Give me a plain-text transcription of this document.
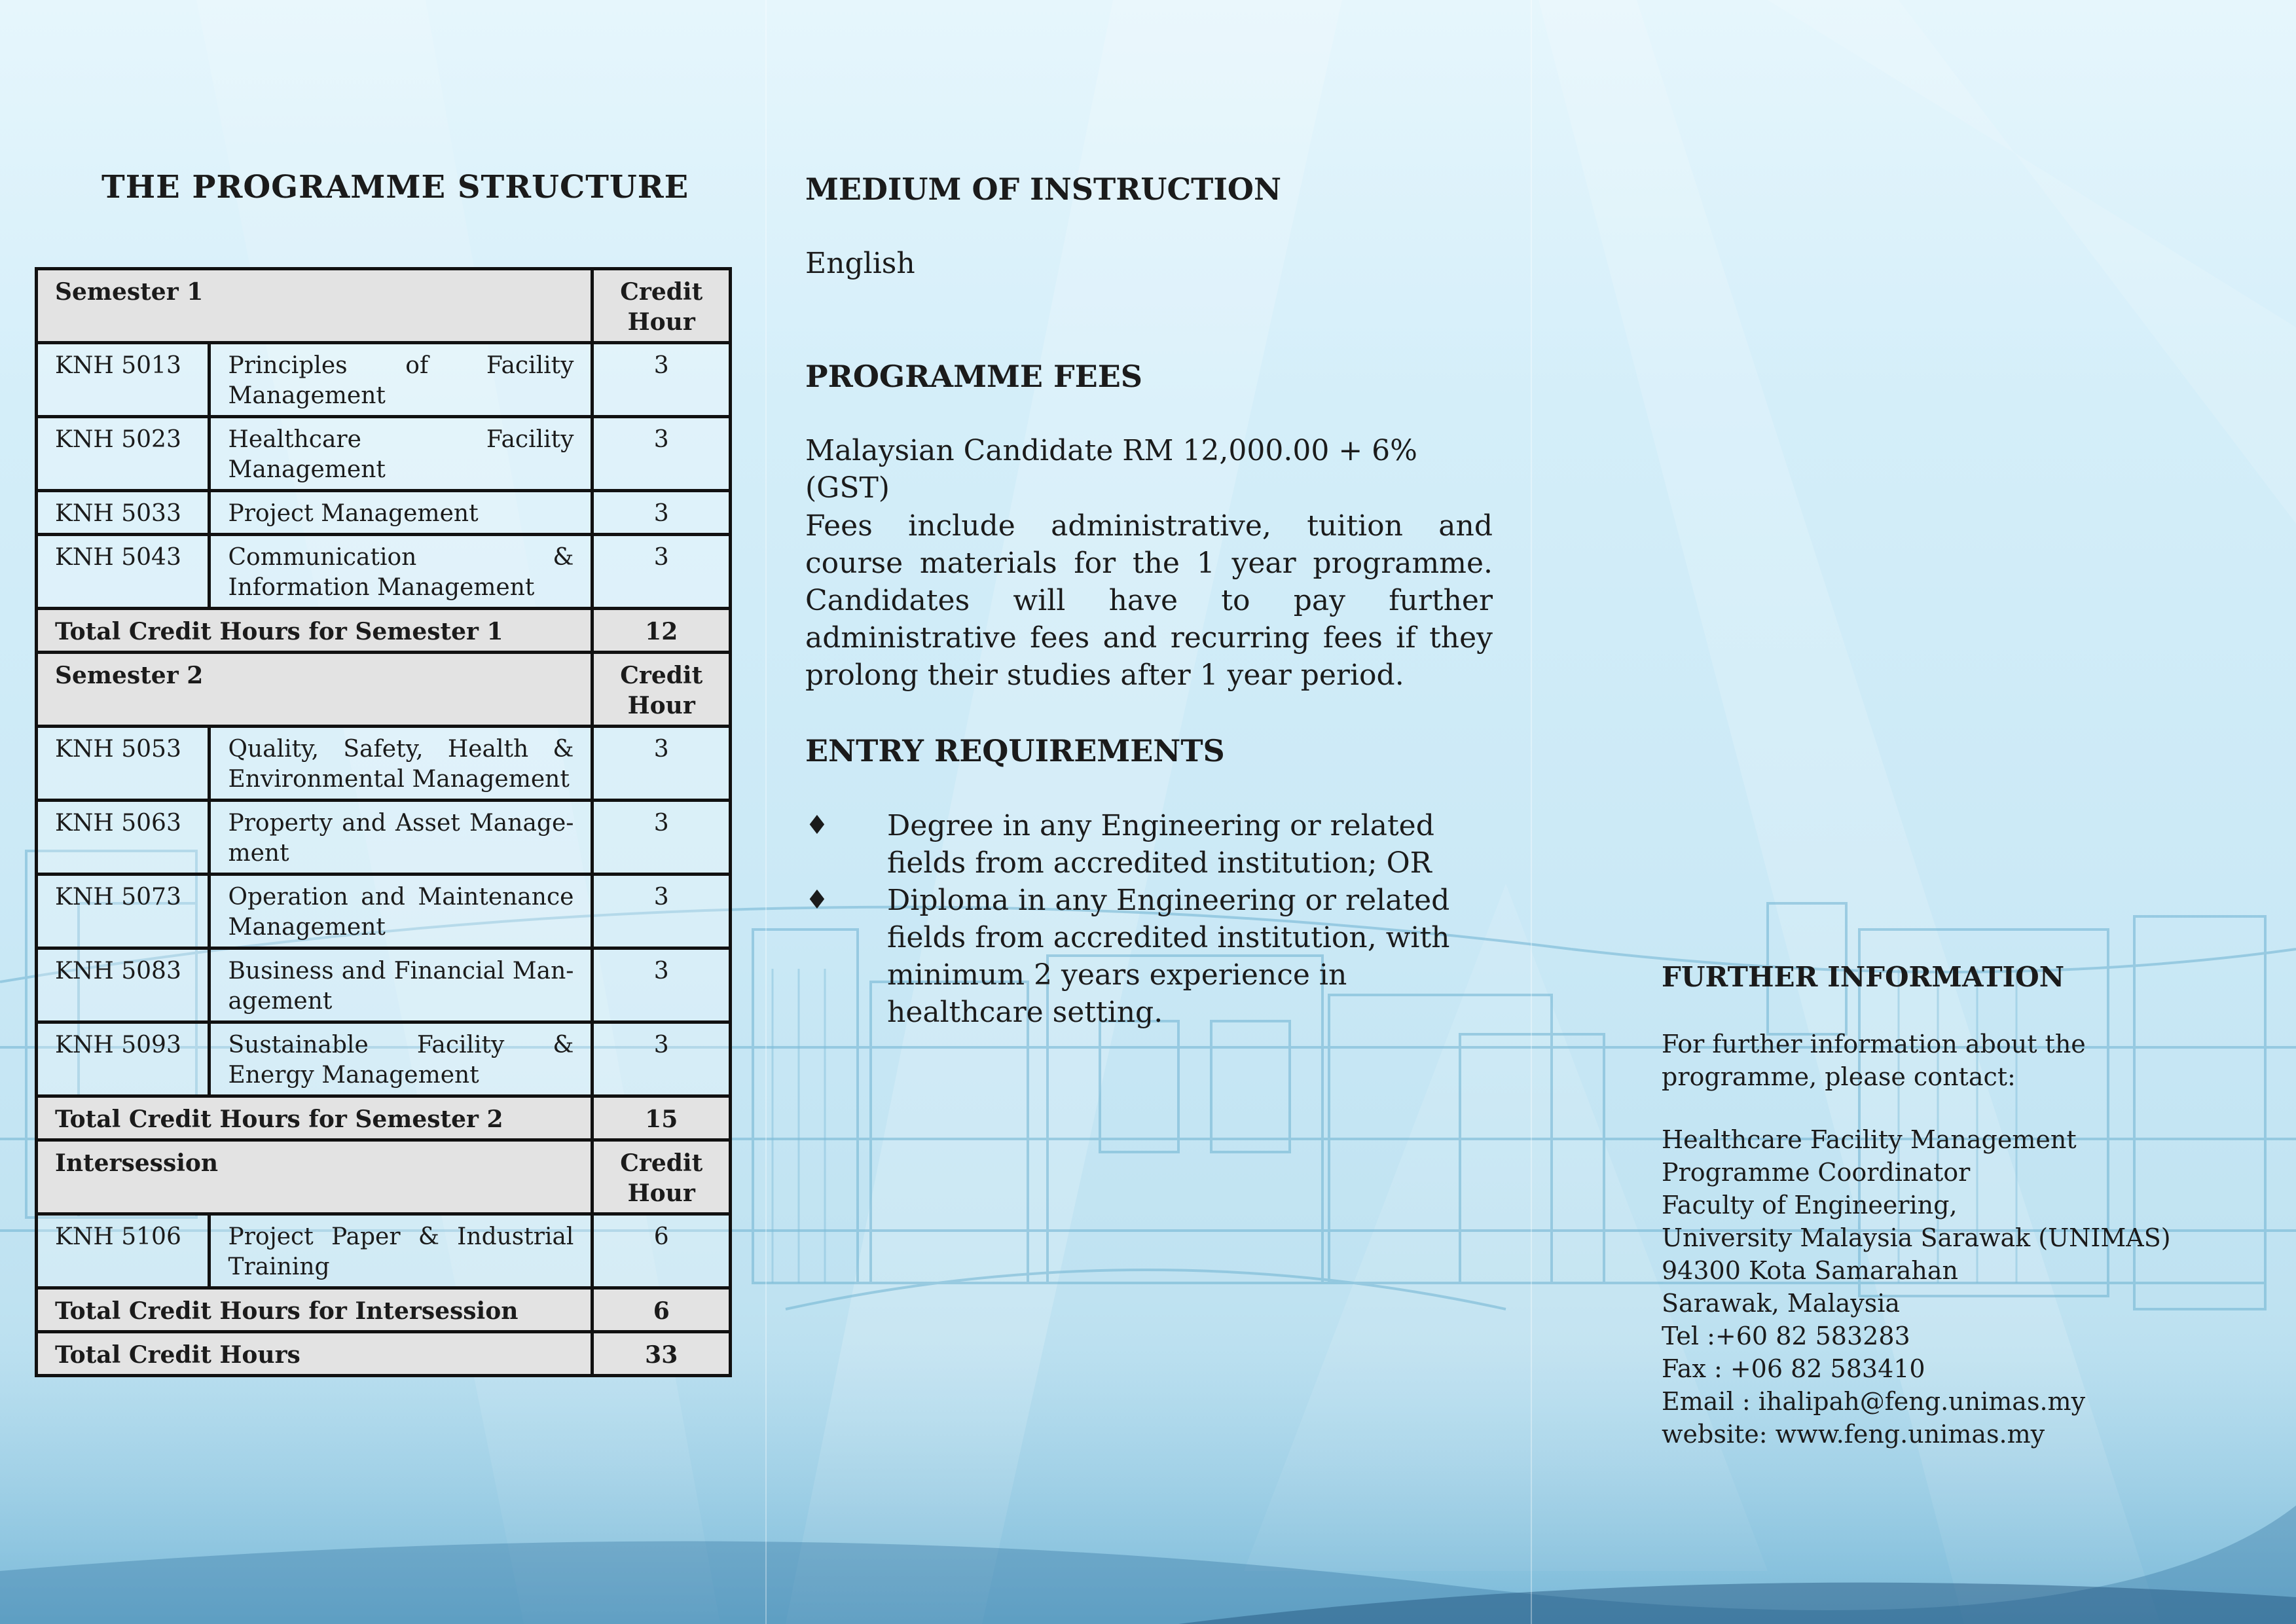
THE PROGRAMME STRUCTURE
Semester 1		Credit
Hour
KNH 5013	Principles of Facility Management	3
KNH 5023	Healthcare Facility Management	3
KNH 5033	Project Management	3
KNH 5043	Communication & Information Management	3
Total Credit Hours for Semester 1		12
Semester 2		Credit
Hour
KNH 5053	Quality, Safety, Health & Environmental Management	3
KNH 5063	Property and Asset Manage-ment	3
KNH 5073	Operation and Maintenance Management	3
KNH 5083	Business and Financial Man-agement	3
KNH 5093	Sustainable Facility & Energy Management	3
Total Credit Hours for Semester 2		15
Intersession		Credit
Hour
KNH 5106	Project Paper & Industrial Training	6
Total Credit Hours for Intersession		6
Total Credit Hours		33
MEDIUM OF INSTRUCTION
English
PROGRAMME FEES
Malaysian Candidate RM 12,000.00 + 6% (GST)
Fees include administrative, tuition and course materials for the 1 year programme. Candidates will have to pay further administrative fees and recurring fees if they prolong their studies after 1 year period.
ENTRY REQUIREMENTS
♦ Degree in any Engineering or related fields from accredited institution; OR
♦ Diploma in any Engineering or related fields from accredited institution, with minimum 2 years experience in healthcare setting.
FURTHER INFORMATION
For further information about the
programme, please contact:
Healthcare Facility Management
Programme Coordinator
Faculty of Engineering,
University Malaysia Sarawak (UNIMAS)
94300 Kota Samarahan
Sarawak, Malaysia
Tel :+60 82 583283
Fax : +06 82 583410
Email : ihalipah@feng.unimas.my
website: www.feng.unimas.my
